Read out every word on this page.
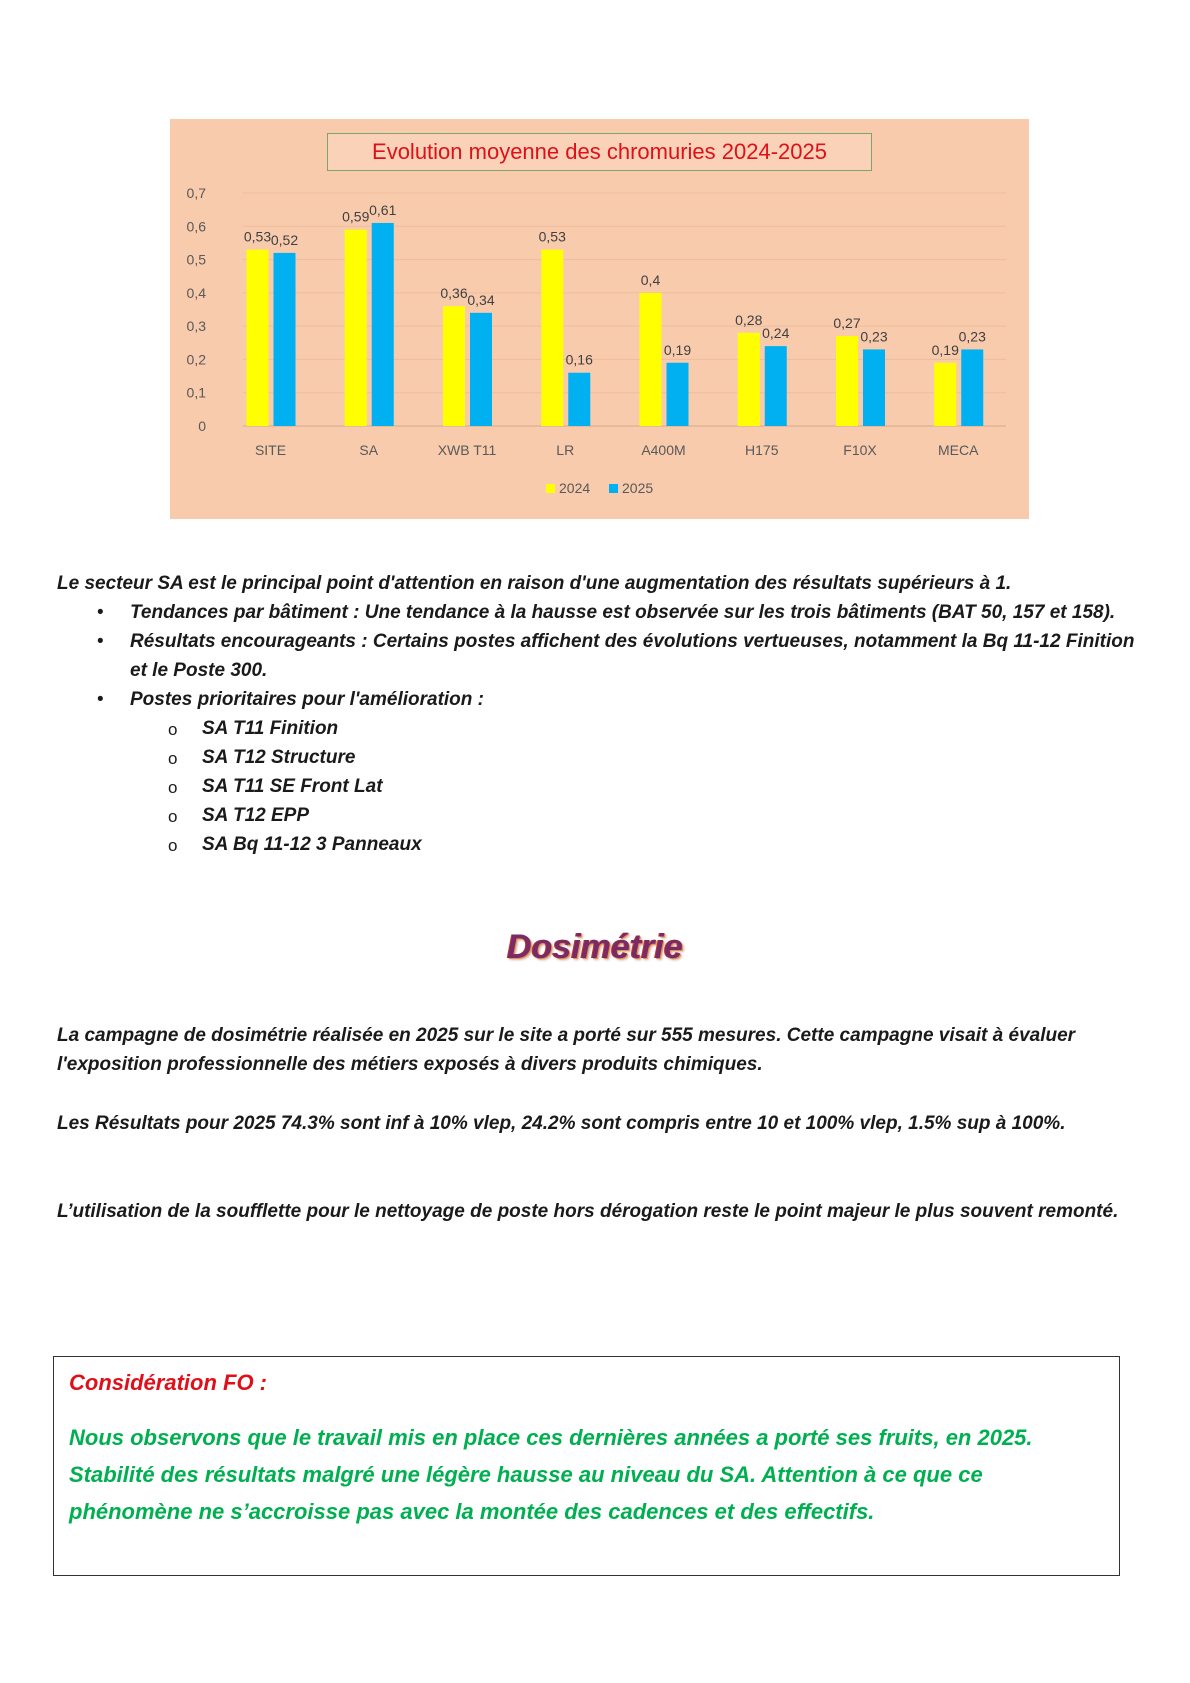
0
0,1
0,2
0,3
0,4
0,5
0,6
0,7
0,53 0,52
SITE
0,59 0,61
SA
0,36 0,34
XWB T11
0,53
0,16
LR
0,4
0,19
A400M
0,28
0,24
H175
0,27
0,23
F10X
0,19
0,23
MECA
2024 2025
Evolution moyenne des chromuries 2024-2025

Le secteur SA est le principal point d'attention en raison d'une augmentation des résultats supérieurs à 1.

• Tendances par bâtiment : Une tendance à la hausse est observée sur les trois bâtiments (BAT 50, 157 et 158).
• Résultats encourageants : Certains postes affichent des évolutions vertueuses, notamment la Bq 11-12 Finition et le Poste 300.
• Postes prioritaires pour l'amélioration :
o SA T11 Finition
o SA T12 Structure
o SA T11 SE Front Lat
o SA T12 EPP
o SA Bq 11-12 3 Panneaux
Dosimétrie

La campagne de dosimétrie réalisée en 2025 sur le site a porté sur 555 mesures. Cette campagne visait à évaluer l'exposition professionnelle des métiers exposés à divers produits chimiques.

Les Résultats pour 2025 74.3% sont inf à 10% vlep, 24.2% sont compris entre 10 et 100% vlep, 1.5% sup à 100%.

L’utilisation de la soufflette pour le nettoyage de poste hors dérogation reste le point majeur le plus souvent remonté.

Considération FO :
Nous observons que le travail mis en place ces dernières années a porté ses fruits, en 2025. Stabilité des résultats malgré une légère hausse au niveau du SA. Attention à ce que ce phénomène ne s’accroisse pas avec la montée des cadences et des effectifs.
